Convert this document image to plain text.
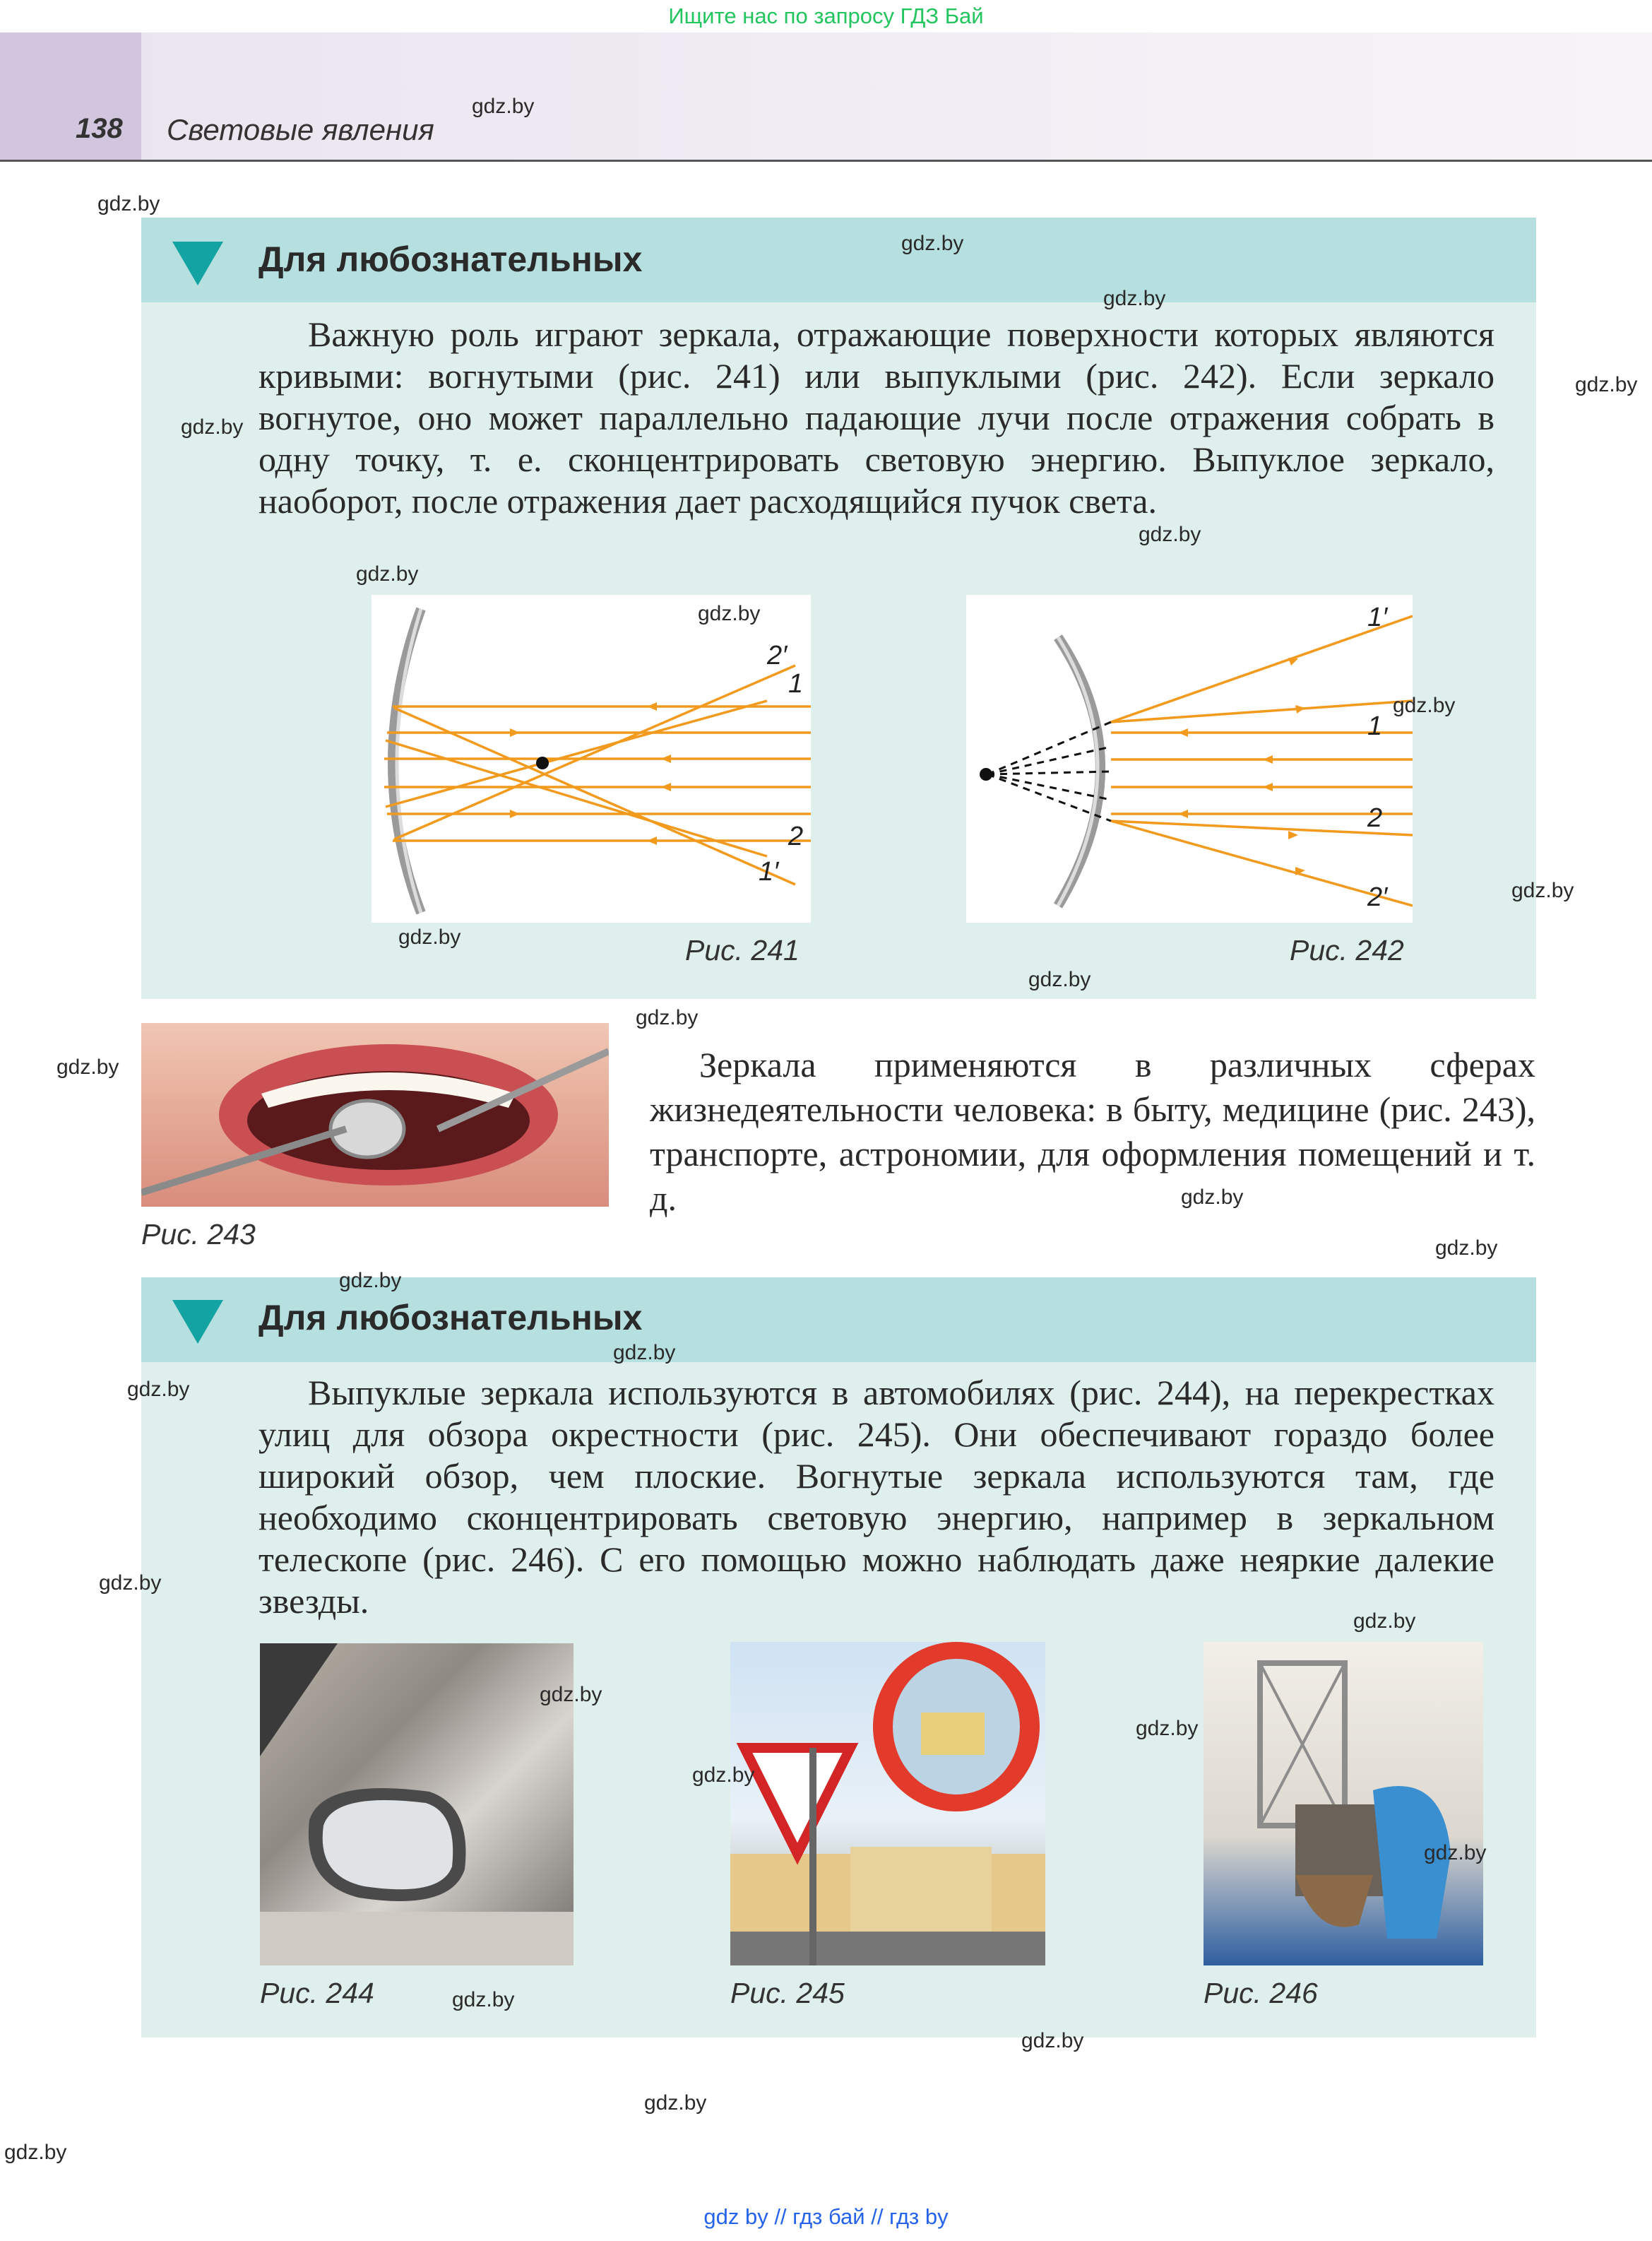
Ищите нас по запросу ГДЗ Бай
138 Световые явления
Для любознательных
Важную роль играют зеркала, отражающие поверхности которых являются кривыми: вогнутыми (рис. 241) или выпуклыми (рис. 242). Если зеркало вогнутое, оно может параллельно падающие лучи после отражения собрать в одну точку, т. е. сконцентрировать световую энергию. Выпуклое зеркало, наоборот, после отражения дает расходящийся пучок света.
2′
1
2
1′
Рис. 241
1′
1
2
2′
Рис. 242
Рис. 243
Зеркала применяются в различных сферах жизнедеятельности человека: в быту, медицине (рис. 243), транспорте, астрономии, для оформления помещений и т. д.
Для любознательных
Выпуклые зеркала используются в автомобилях (рис. 244), на перекрестках улиц для обзора окрестности (рис. 245). Они обеспечивают гораздо более широкий обзор, чем плоские. Вогнутые зеркала используются там, где необходимо сконцентрировать световую энергию, например в зеркальном телескопе (рис. 246). С его помощью можно наблюдать даже неяркие далекие звезды.
Рис. 244	Рис. 245	Рис. 246
gdz.by
gdz.by
gdz.by
gdz.by
gdz.by
gdz.by
gdz.by
gdz.by
gdz.by
gdz.by
gdz.by
gdz.by
gdz.by
gdz.by
gdz.by
gdz.by
gdz.by
gdz.by
gdz.by
gdz.by
gdz.by
gdz.by
gdz.by
gdz.by
gdz.by
gdz.by
gdz.by
gdz.by
gdz.by
gdz.by
gdz by // гдз бай // гдз by
